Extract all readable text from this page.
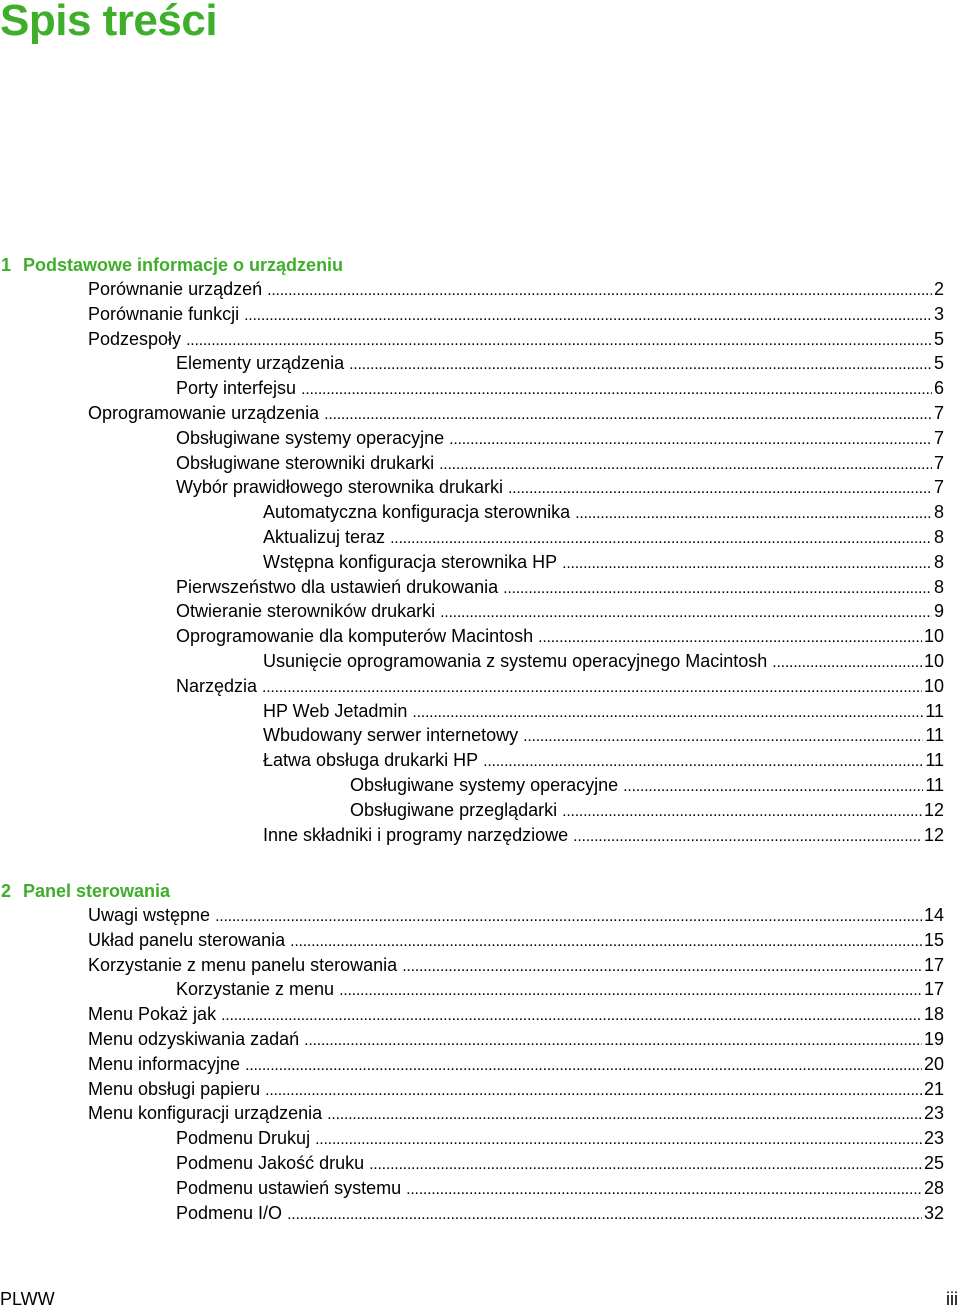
Spis treści
1 Podstawowe informacje o urządzeniu
Porównanie urządzeń . . .	2
Porównanie funkcji . . .	3
Podzespoły . . .	5
Elementy urządzenia . . .	5
Porty interfejsu . . .	6
Oprogramowanie urządzenia . . .	7
Obsługiwane systemy operacyjne . . .	7
Obsługiwane sterowniki drukarki . . .	7
Wybór prawidłowego sterownika drukarki . . .	7
Automatyczna konfiguracja sterownika . . .	8
Aktualizuj teraz . . .	8
Wstępna konfiguracja sterownika HP . . .	8
Pierwszeństwo dla ustawień drukowania . . .	8
Otwieranie sterowników drukarki . . .	9
Oprogramowanie dla komputerów Macintosh . . .	10
Usunięcie oprogramowania z systemu operacyjnego Macintosh . . .	10
Narzędzia . . .	10
HP Web Jetadmin . . .	11
Wbudowany serwer internetowy . . .	11
Łatwa obsługa drukarki HP . . .	11
Obsługiwane systemy operacyjne . . .	11
Obsługiwane przeglądarki . . .	12
Inne składniki i programy narzędziowe . . .	12
2 Panel sterowania
Uwagi wstępne . . .	14
Układ panelu sterowania . . .	15
Korzystanie z menu panelu sterowania . . .	17
Korzystanie z menu . . .	17
Menu Pokaż jak . . .	18
Menu odzyskiwania zadań . . .	19
Menu informacyjne . . .	20
Menu obsługi papieru . . .	21
Menu konfiguracji urządzenia . . .	23
Podmenu Drukuj . . .	23
Podmenu Jakość druku . . .	25
Podmenu ustawień systemu . . .	28
Podmenu I/O . . .	32
PLWW	iii
